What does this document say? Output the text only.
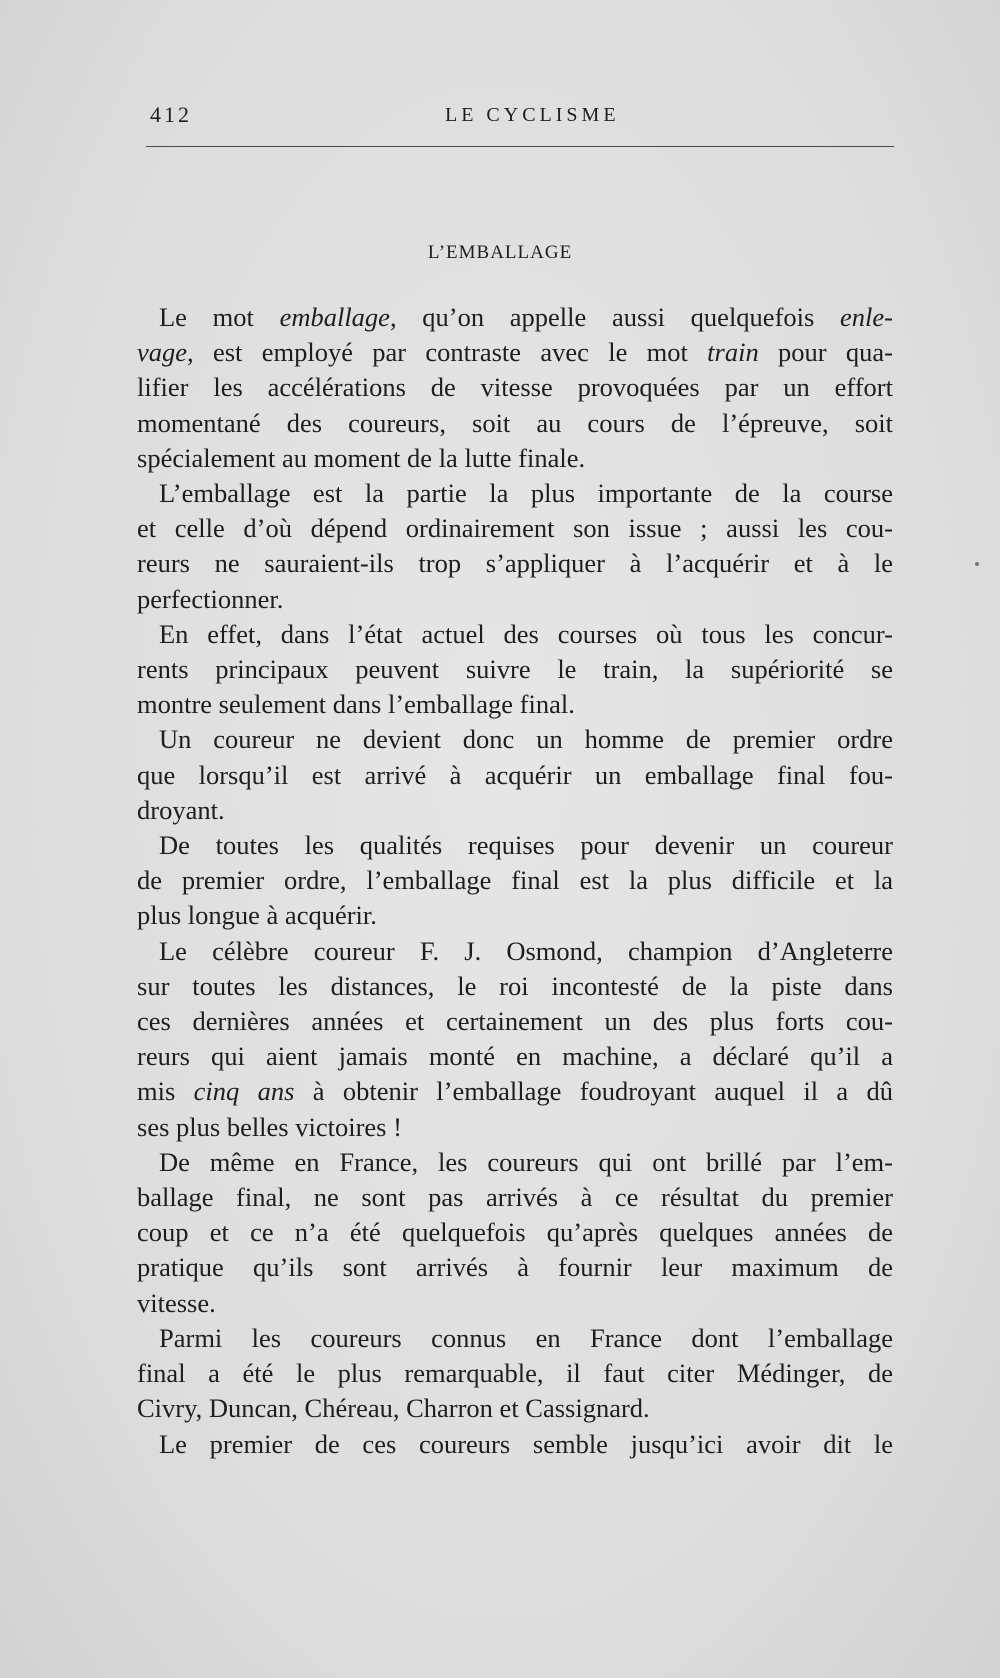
412	LE CYCLISME
L’EMBALLAGE
Le mot emballage, qu’on appelle aussi quelquefois enle-
vage, est employé par contraste avec le mot train pour qua-
lifier les accélérations de vitesse provoquées par un effort
momentané des coureurs, soit au cours de l’épreuve, soit
spécialement au moment de la lutte finale.
L’emballage est la partie la plus importante de la course
et celle d’où dépend ordinairement son issue ; aussi les cou-
reurs ne sauraient-ils trop s’appliquer à l’acquérir et à le
perfectionner.
En effet, dans l’état actuel des courses où tous les concur-
rents principaux peuvent suivre le train, la supériorité se
montre seulement dans l’emballage final.
Un coureur ne devient donc un homme de premier ordre
que lorsqu’il est arrivé à acquérir un emballage final fou-
droyant.
De toutes les qualités requises pour devenir un coureur
de premier ordre, l’emballage final est la plus difficile et la
plus longue à acquérir.
Le célèbre coureur F. J. Osmond, champion d’Angleterre
sur toutes les distances, le roi incontesté de la piste dans
ces dernières années et certainement un des plus forts cou-
reurs qui aient jamais monté en machine, a déclaré qu’il a
mis cinq ans à obtenir l’emballage foudroyant auquel il a dû
ses plus belles victoires !
De même en France, les coureurs qui ont brillé par l’em-
ballage final, ne sont pas arrivés à ce résultat du premier
coup et ce n’a été quelquefois qu’après quelques années de
pratique qu’ils sont arrivés à fournir leur maximum de
vitesse.
Parmi les coureurs connus en France dont l’emballage
final a été le plus remarquable, il faut citer Médinger, de
Civry, Duncan, Chéreau, Charron et Cassignard.
Le premier de ces coureurs semble jusqu’ici avoir dit le
